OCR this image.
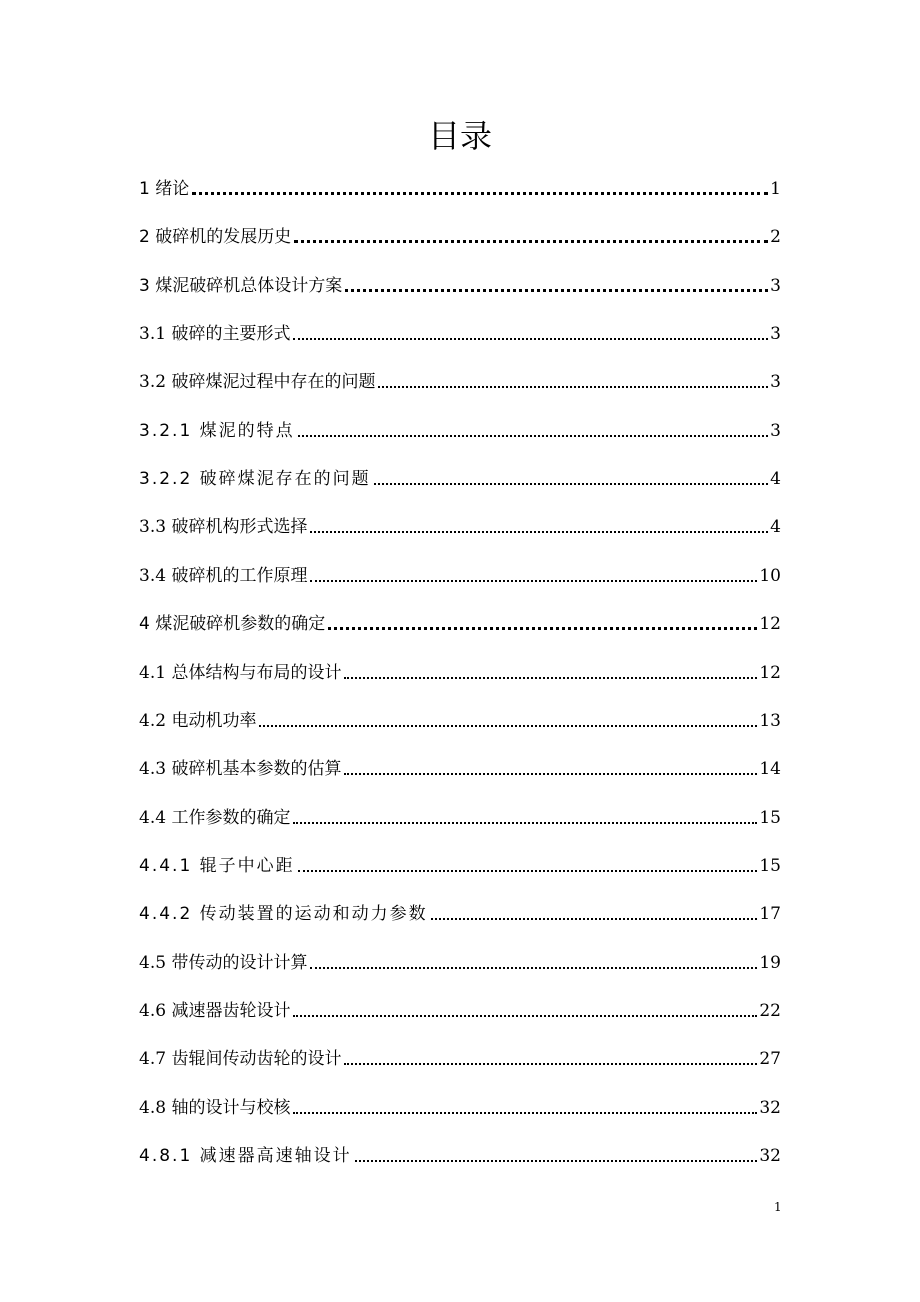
目录
1 绪论	1
2 破碎机的发展历史	2
3 煤泥破碎机总体设计方案	3
3.1 破碎的主要形式	3
3.2 破碎煤泥过程中存在的问题	3
3.2.1 煤泥的特点	3
3.2.2 破碎煤泥存在的问题	4
3.3 破碎机构形式选择	4
3.4 破碎机的工作原理	10
4 煤泥破碎机参数的确定	12
4.1 总体结构与布局的设计	12
4.2 电动机功率	13
4.3 破碎机基本参数的估算	14
4.4 工作参数的确定	15
4.4.1 辊子中心距	15
4.4.2 传动装置的运动和动力参数	17
4.5 带传动的设计计算	19
4.6 减速器齿轮设计	22
4.7 齿辊间传动齿轮的设计	27
4.8 轴的设计与校核	32
4.8.1 减速器高速轴设计	32
1
